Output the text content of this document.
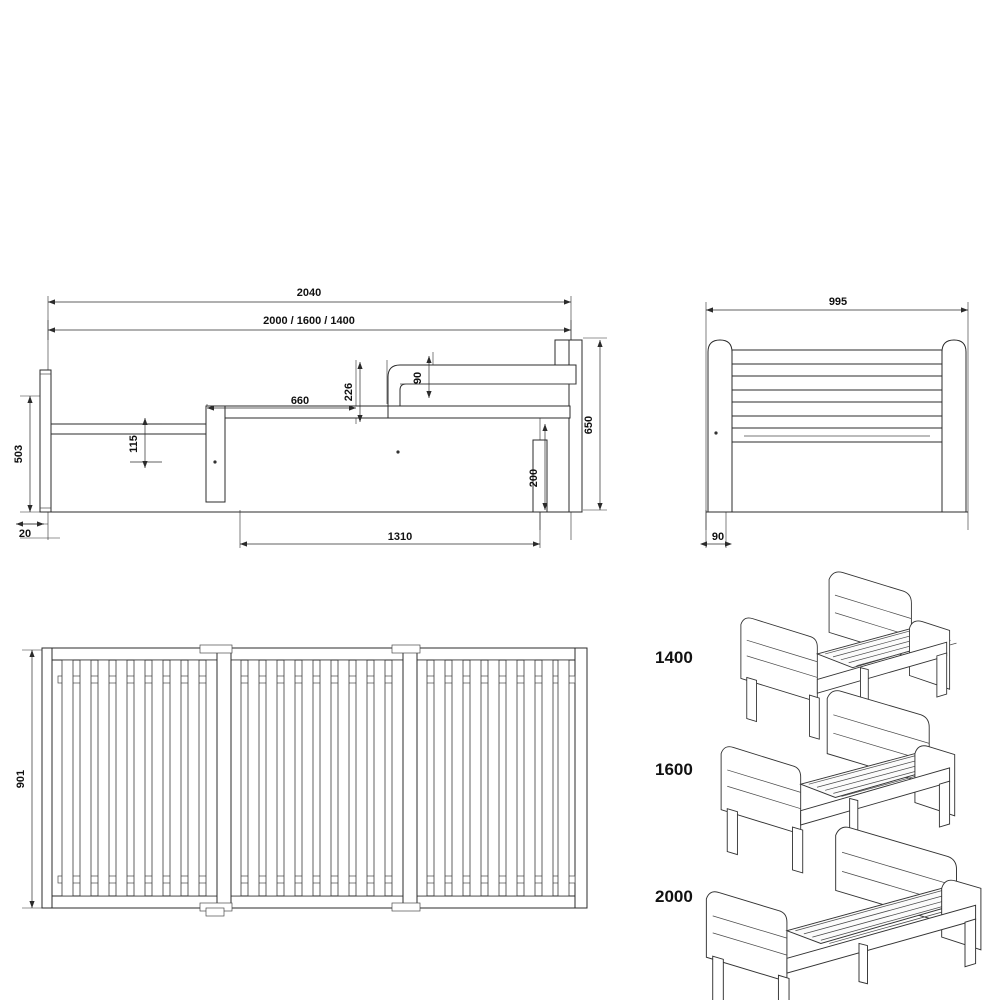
2040
2000 / 1600 / 1400
660	226
90
650
503
115
200
20	1310
995
90
901
1400
1600
2000
